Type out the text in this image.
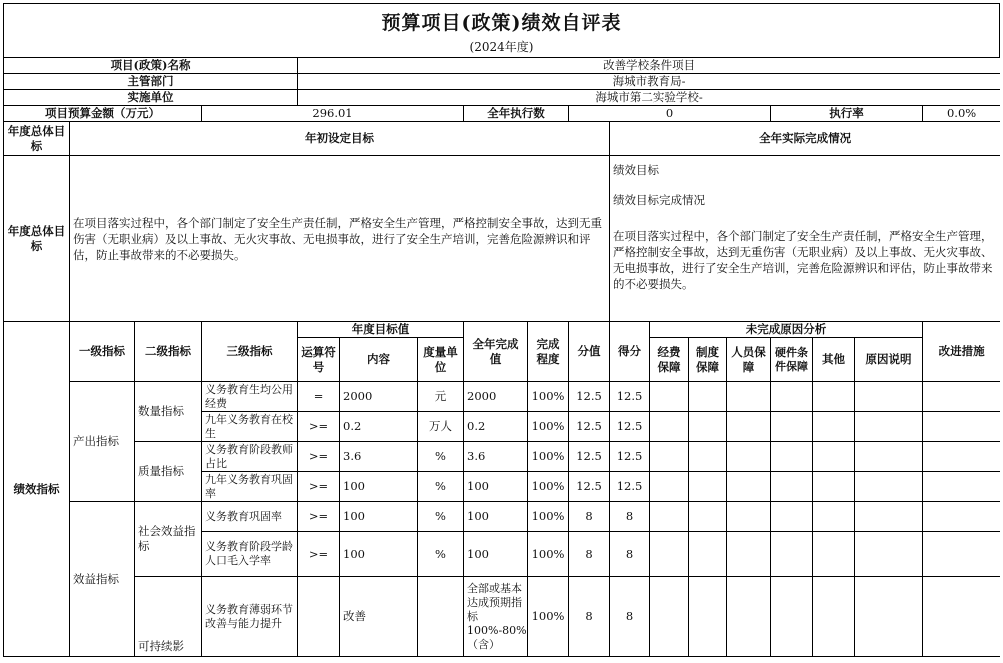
预算项目(政策)绩效自评表
(2024年度)
项目(政策)名称				改善学校条件项目													
主管部门				海城市教育局-													
实施单位				海城市第二实验学校-													
项目预算金额（万元）			296.01				全年执行数		0					执行率			0.0%
年度总体目标	年初设定目标									全年实际完成情况							
年度总体目标	在项目落实过程中，各个部门制定了安全生产责任制，严格安全生产管理，严格控制安全事故，达到无重伤害（无职业病）及以上事故、无火灾事故、无电损事故，进行了安全生产培训，完善危险源辨识和评估，防止事故带来的不必要损失。									绩效目标

绩效目标完成情况

在项目落实过程中，各个部门制定了安全生产责任制，严格安全生产管理，严格控制安全事故，达到无重伤害（无职业病）及以上事故、无火灾事故、无电损事故，进行了安全生产培训，完善危险源辨识和评估，防止事故带来的不必要损失。							

绩效指标	一级指标	二级指标	三级指标	年度目标值			全年完成值	完成程度	分值	得分	未完成原因分析						改进措施
				运算符号	内容	度量单位					经费保障	制度保障	人员保障	硬件条件保障	其他	原因说明	
	产出指标	数量指标	义务教育生均公用经费	=	2000	元	2000	100%	12.5	12.5							
			九年义务教育在校生	>=	0.2	万人	0.2	100%	12.5	12.5							
		质量指标	义务教育阶段教师占比	>=	3.6	%	3.6	100%	12.5	12.5							
			九年义务教育巩固率	>=	100	%	100	100%	12.5	12.5							
	效益指标	社会效益指标	义务教育巩固率	>=	100	%	100	100%	8	8							
			义务教育阶段学龄人口毛入学率	>=	100	%	100	100%	8	8							
		可持续影	义务教育薄弱环节改善与能力提升		改善		全部或基本达成预期指标100%-80%（含）	100%	8	8							
